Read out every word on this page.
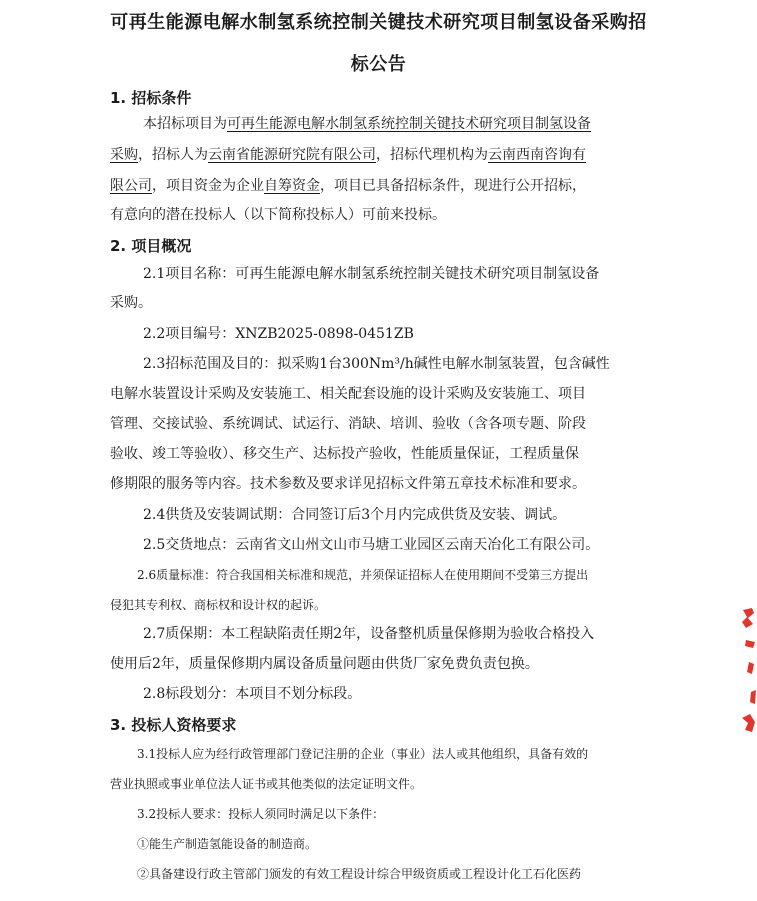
可再生能源电解水制氢系统控制关键技术研究项目制氢设备采购招
标公告
1. 招标条件
本招标项目为可再生能源电解水制氢系统控制关键技术研究项目制氢设备
采购，招标人为云南省能源研究院有限公司，招标代理机构为云南西南咨询有
限公司，项目资金为企业自筹资金，项目已具备招标条件，现进行公开招标，
有意向的潜在投标人（以下简称投标人）可前来投标。
2. 项目概况
2.1项目名称：可再生能源电解水制氢系统控制关键技术研究项目制氢设备
采购。
2.2项目编号：XNZB2025-0898-0451ZB
2.3招标范围及目的：拟采购1台300Nm³/h碱性电解水制氢装置，包含碱性
电解水装置设计采购及安装施工、相关配套设施的设计采购及安装施工、项目
管理、交接试验、系统调试、试运行、消缺、培训、验收（含各项专题、阶段
验收、竣工等验收）、移交生产、达标投产验收，性能质量保证，工程质量保
修期限的服务等内容。技术参数及要求详见招标文件第五章技术标准和要求。
2.4供货及安装调试期：合同签订后3个月内完成供货及安装、调试。
2.5交货地点：云南省文山州文山市马塘工业园区云南天冶化工有限公司。
2.6质量标准：符合我国相关标准和规范，并须保证招标人在使用期间不受第三方提出
侵犯其专利权、商标权和设计权的起诉。
2.7质保期：本工程缺陷责任期2年，设备整机质量保修期为验收合格投入
使用后2年，质量保修期内属设备质量问题由供货厂家免费负责包换。
2.8标段划分：本项目不划分标段。
3. 投标人资格要求
3.1投标人应为经行政管理部门登记注册的企业（事业）法人或其他组织，具备有效的
营业执照或事业单位法人证书或其他类似的法定证明文件。
3.2投标人要求：投标人须同时满足以下条件：
①能生产制造氢能设备的制造商。
②具备建设行政主管部门颁发的有效工程设计综合甲级资质或工程设计化工石化医药
